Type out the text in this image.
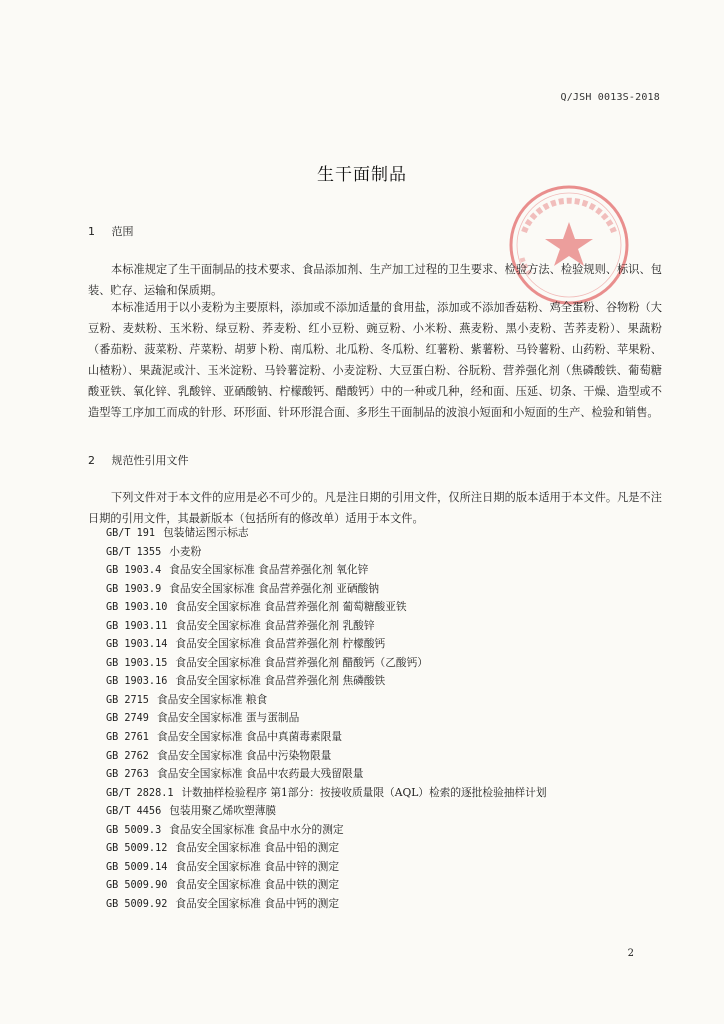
Q/JSH 0013S-2018
生干面制品
1 范围
本标准规定了生干面制品的技术要求、食品添加剂、生产加工过程的卫生要求、检验方法、检验规则、标识、包装、贮存、运输和保质期。
本标准适用于以小麦粉为主要原料，添加或不添加适量的食用盐，添加或不添加香菇粉、鸡全蛋粉、谷物粉（大豆粉、麦麸粉、玉米粉、绿豆粉、荞麦粉、红小豆粉、豌豆粉、小米粉、燕麦粉、黑小麦粉、苦荞麦粉）、果蔬粉（番茄粉、菠菜粉、芹菜粉、胡萝卜粉、南瓜粉、北瓜粉、冬瓜粉、红薯粉、紫薯粉、马铃薯粉、山药粉、苹果粉、山楂粉）、果蔬泥或汁、玉米淀粉、马铃薯淀粉、小麦淀粉、大豆蛋白粉、谷朊粉、营养强化剂（焦磷酸铁、葡萄糖酸亚铁、氧化锌、乳酸锌、亚硒酸钠、柠檬酸钙、醋酸钙）中的一种或几种，经和面、压延、切条、干燥、造型或不造型等工序加工而成的针形、环形面、针环形混合面、多形生干面制品的波浪小短面和小短面的生产、检验和销售。
2 规范性引用文件
下列文件对于本文件的应用是必不可少的。凡是注日期的引用文件，仅所注日期的版本适用于本文件。凡是不注日期的引用文件，其最新版本（包括所有的修改单）适用于本文件。
GB/T 191 包装储运图示标志
GB/T 1355 小麦粉
GB 1903.4 食品安全国家标准 食品营养强化剂 氧化锌
GB 1903.9 食品安全国家标准 食品营养强化剂 亚硒酸钠
GB 1903.10 食品安全国家标准 食品营养强化剂 葡萄糖酸亚铁
GB 1903.11 食品安全国家标准 食品营养强化剂 乳酸锌
GB 1903.14 食品安全国家标准 食品营养强化剂 柠檬酸钙
GB 1903.15 食品安全国家标准 食品营养强化剂 醋酸钙（乙酸钙）
GB 1903.16 食品安全国家标准 食品营养强化剂 焦磷酸铁
GB 2715 食品安全国家标准 粮食
GB 2749 食品安全国家标准 蛋与蛋制品
GB 2761 食品安全国家标准 食品中真菌毒素限量
GB 2762 食品安全国家标准 食品中污染物限量
GB 2763 食品安全国家标准 食品中农药最大残留限量
GB/T 2828.1 计数抽样检验程序 第1部分：按接收质量限（AQL）检索的逐批检验抽样计划
GB/T 4456 包装用聚乙烯吹塑薄膜
GB 5009.3 食品安全国家标准 食品中水分的测定
GB 5009.12 食品安全国家标准 食品中铅的测定
GB 5009.14 食品安全国家标准 食品中锌的测定
GB 5009.90 食品安全国家标准 食品中铁的测定
GB 5009.92 食品安全国家标准 食品中钙的测定
2
